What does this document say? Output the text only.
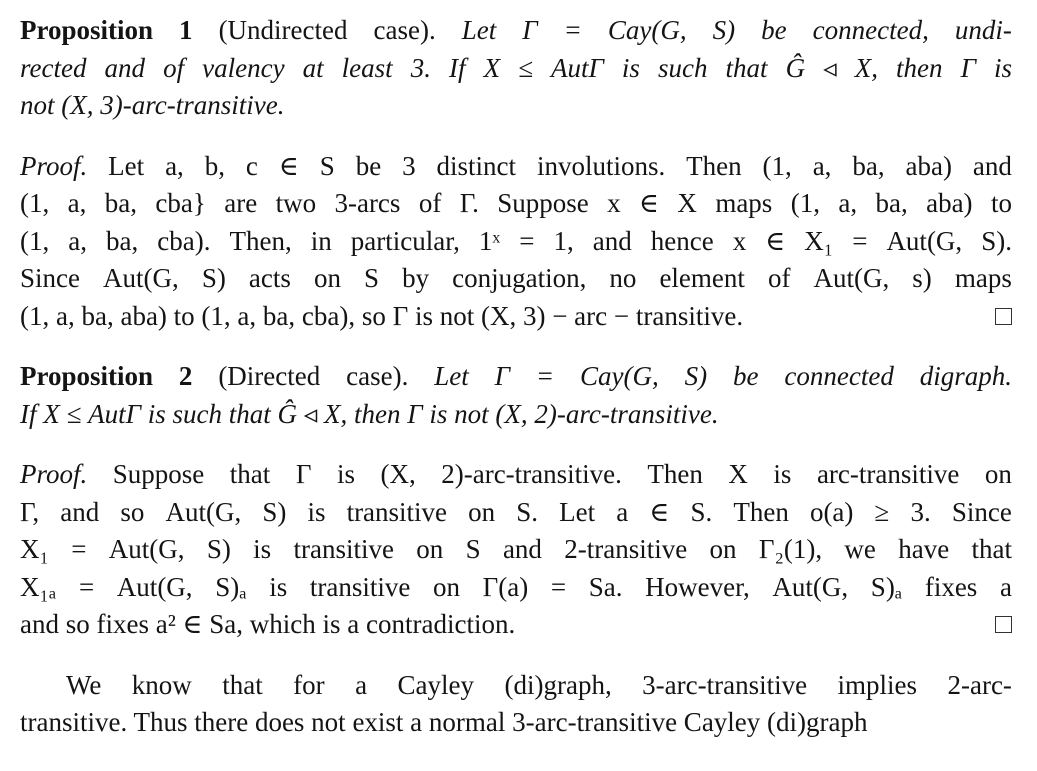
Proposition 1 (Undirected case). Let Γ = Cay(G, S) be connected, undi-
rected and of valency at least 3. If X ≤ AutΓ is such that Ĝ ◃ X, then Γ is
not (X, 3)-arc-transitive.

Proof. Let a, b, c ∈ S be 3 distinct involutions. Then (1, a, ba, aba) and
(1, a, ba, cba} are two 3-arcs of Γ. Suppose x ∈ X maps (1, a, ba, aba) to
(1, a, ba, cba). Then, in particular, 1ˣ = 1, and hence x ∈ X₁ = Aut(G, S).
Since Aut(G, S) acts on S by conjugation, no element of Aut(G, s) maps
(1, a, ba, aba) to (1, a, ba, cba), so Γ is not (X, 3) − arc − transitive.

Proposition 2 (Directed case). Let Γ = Cay(G, S) be connected digraph.
If X ≤ AutΓ is such that Ĝ ◃ X, then Γ is not (X, 2)-arc-transitive.

Proof. Suppose that Γ is (X, 2)-arc-transitive. Then X is arc-transitive on
Γ, and so Aut(G, S) is transitive on S. Let a ∈ S. Then o(a) ≥ 3. Since
X₁ = Aut(G, S) is transitive on S and 2-transitive on Γ₂(1), we have that
X₁ₐ = Aut(G, S)ₐ is transitive on Γ(a) = Sa. However, Aut(G, S)ₐ fixes a
and so fixes a² ∈ Sa, which is a contradiction.

We know that for a Cayley (di)graph, 3-arc-transitive implies 2-arc-
transitive. Thus there does not exist a normal 3-arc-transitive Cayley (di)graph
